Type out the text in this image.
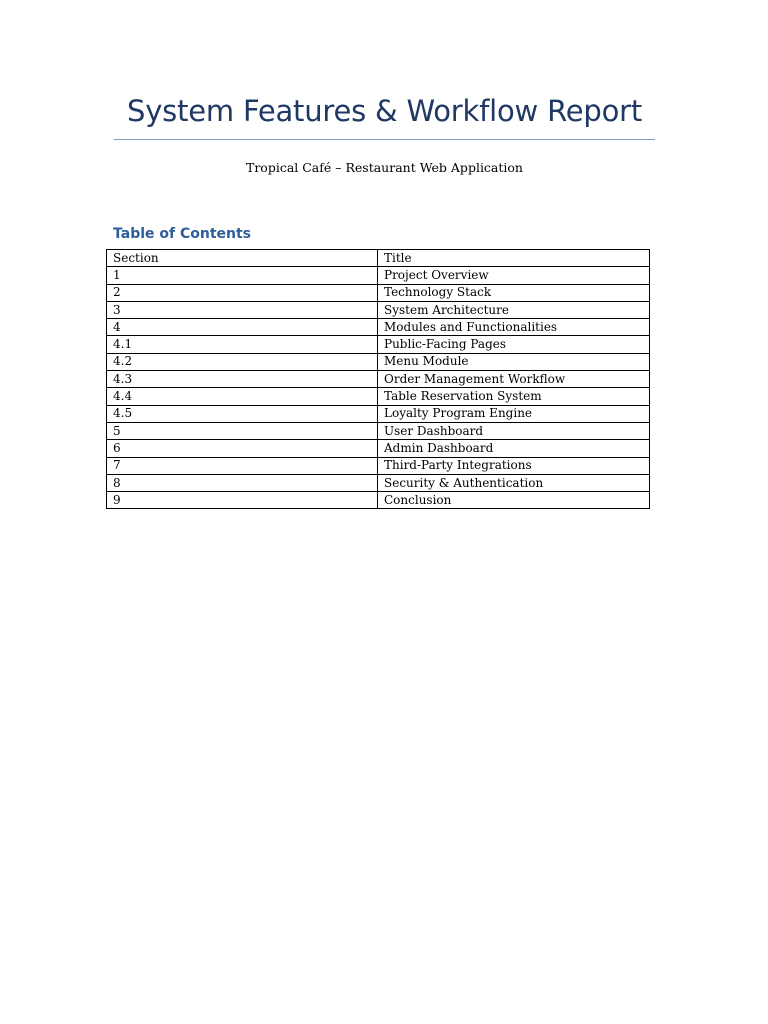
System Features & Workflow Report
Tropical Café – Restaurant Web Application
Table of Contents
Section	Title
1	Project Overview
2	Technology Stack
3	System Architecture
4	Modules and Functionalities
4.1	Public-Facing Pages
4.2	Menu Module
4.3	Order Management Workflow
4.4	Table Reservation System
4.5	Loyalty Program Engine
5	User Dashboard
6	Admin Dashboard
7	Third-Party Integrations
8	Security & Authentication
9	Conclusion
